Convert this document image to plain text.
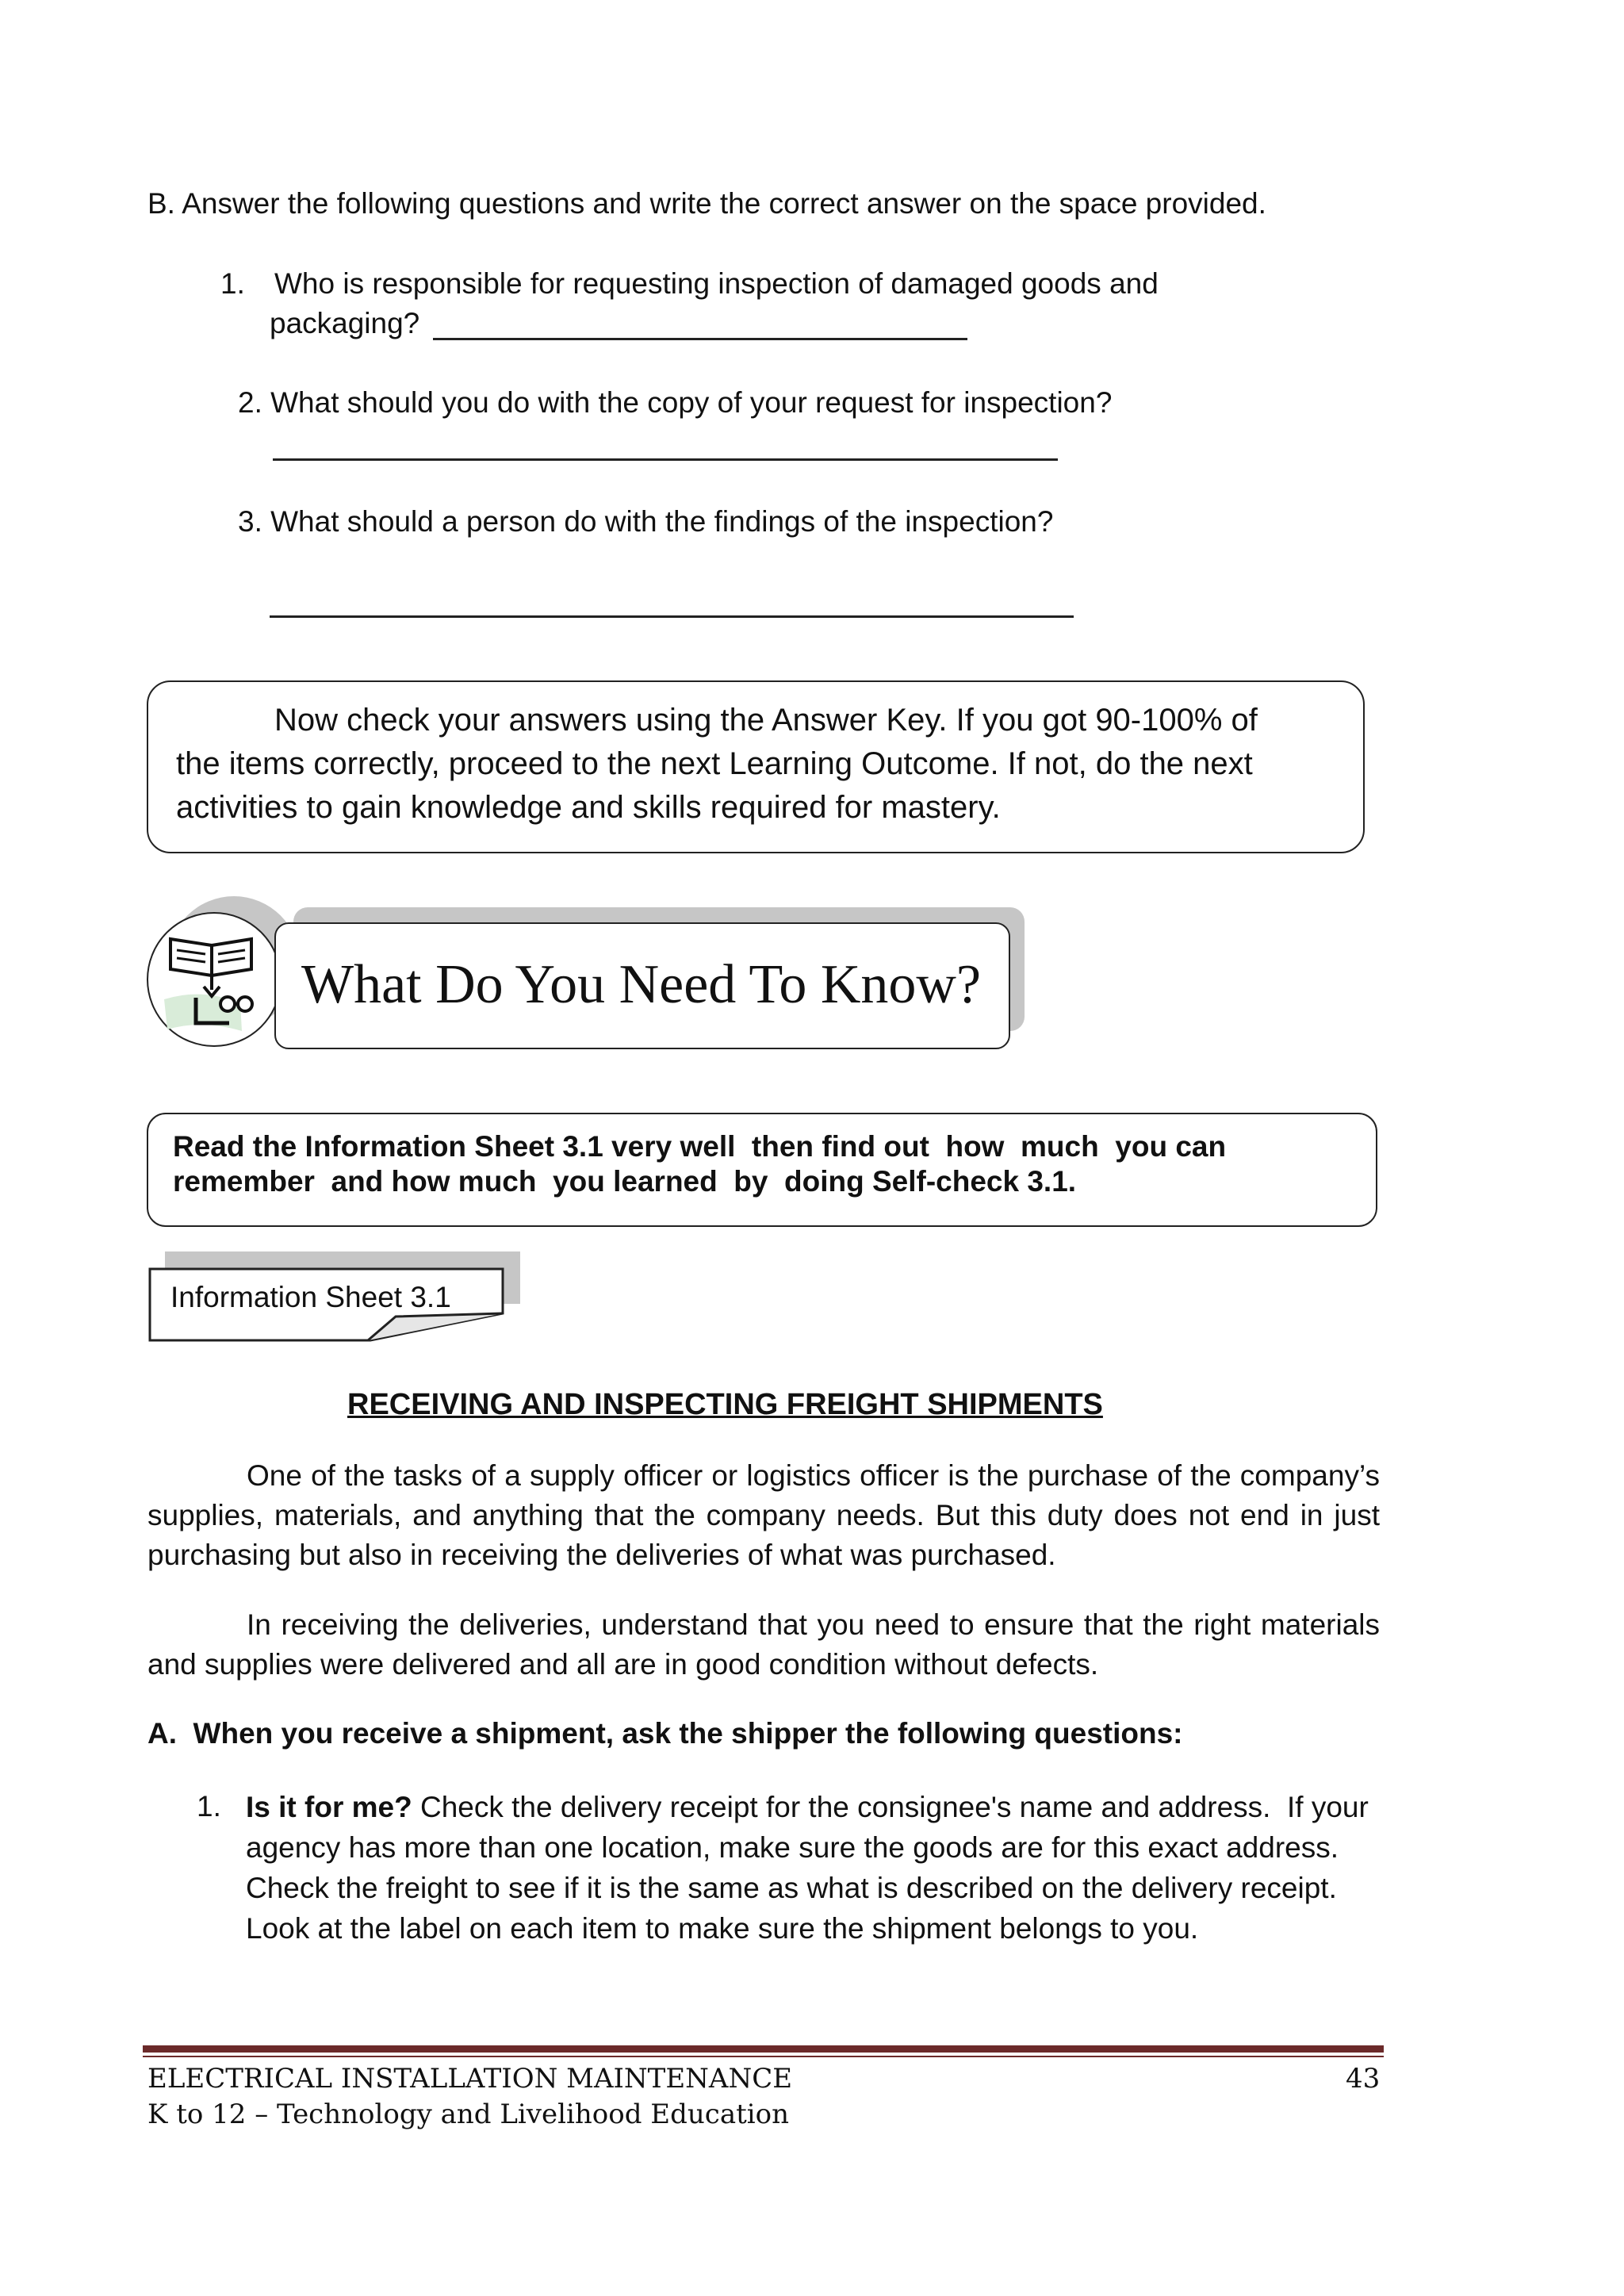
B. Answer the following questions and write the correct answer on the space provided.
1. Who is responsible for requesting inspection of damaged goods and
packaging?
2. What should you do with the copy of your request for inspection?
3. What should a person do with the findings of the inspection?
Now check your answers using the Answer Key. If you got 90-100% of
the items correctly, proceed to the next Learning Outcome. If not, do the next
activities to gain knowledge and skills required for mastery.
What Do You Need To Know?
Read the Information Sheet 3.1 very well  then find out  how  much  you can
remember  and how much  you learned  by  doing Self-check 3.1.
Information Sheet 3.1
RECEIVING AND INSPECTING FREIGHT SHIPMENTS
One of the tasks of a supply officer or logistics officer is the purchase of the company’s supplies, materials, and anything that the company needs. But this duty does not end in just purchasing but also in receiving the deliveries of what was purchased.
In receiving the deliveries, understand that you need to ensure that the right materials and supplies were delivered and all are in good condition without defects.
A.  When you receive a shipment, ask the shipper the following questions:
1. Is it for me? Check the delivery receipt for the consignee's name and address.  If your agency has more than one location, make sure the goods are for this exact address. Check the freight to see if it is the same as what is described on the delivery receipt.  Look at the label on each item to make sure the shipment belongs to you.
ELECTRICAL INSTALLATION MAINTENANCE
K to 12 – Technology and Livelihood Education
43
